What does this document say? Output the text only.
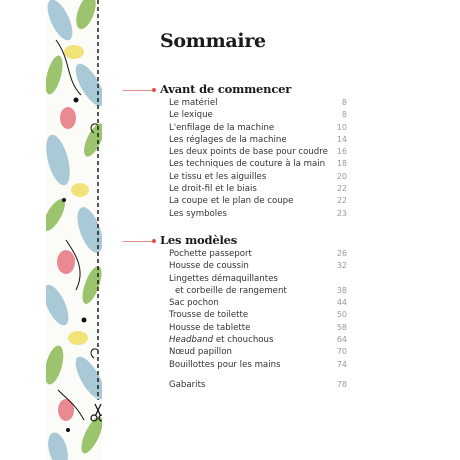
Sommaire
Avant de commencer
Le matériel	8
Le lexique	8
L'enfilage de la machine	10
Les réglages de la machine	14
Les deux points de base pour coudre 16
Les techniques de couture à la main 18
Le tissu et les aiguilles	20
Le droit-fil et le biais	22
La coupe et le plan de coupe	22
Les symboles	23
Les modèles
Pochette passeport	26
Housse de coussin	32
Lingettes démaquillantes
et corbeille de rangement	38
Sac pochon	44
Trousse de toilette	50
Housse de tablette	58
Headband et chouchous	64
Nœud papillon	70
Bouillottes pour les mains	74
Gabarits	78
